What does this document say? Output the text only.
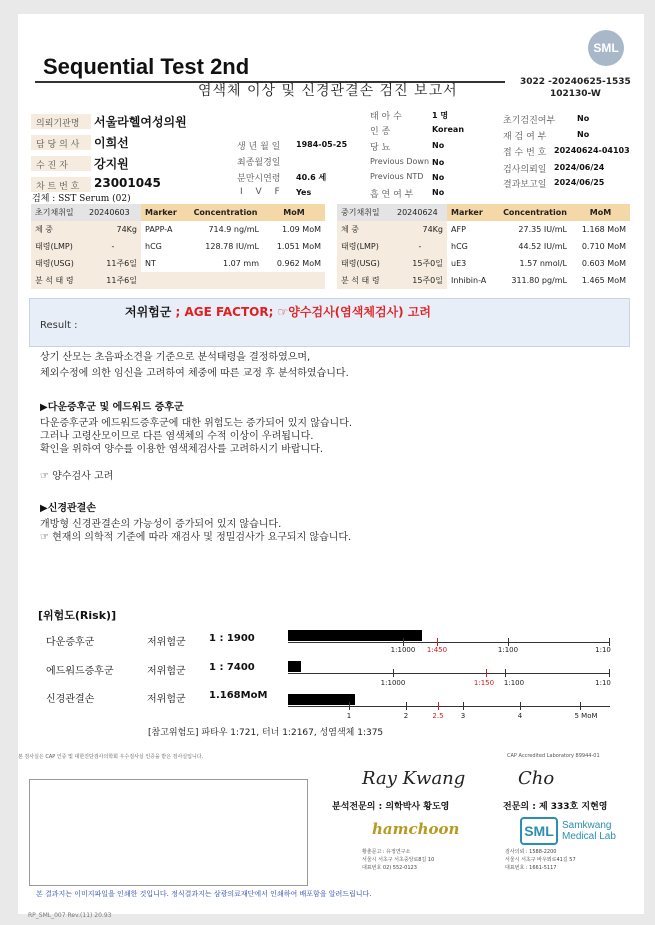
SML
Sequential Test 2nd
염색체 이상 및 신경관결손 검진 보고서
3022 -20240625-1535
102130-W
의뢰기관명 서울라헬여성의원
담 당 의 사 이희선
수 진 자 강지원
차 트 번 호 23001045
검체 : SST Serum (02)
생 년 월 일 1984-05-25
최종월경일
분만시연령 40.6 세
I V F Yes
태 아 수	1 명
인 종	Korean
당 뇨	No
Previous Down No
Previous NTD No
흡 연 여 부 No
초기검진여부	No
재 검 여 부	No
접 수 번 호 20240624-04103
검사의뢰일 2024/06/24
결과보고일 2024/06/25
초기채취일	20240603	Marker	Concentration	MoM
체 중	74Kg	PAPP-A	714.9 ng/mL	1.09 MoM
태령(LMP)	-	hCG	128.78 IU/mL	1.051 MoM
태령(USG)	11주6일	NT	1.07 mm	0.962 MoM
분 석 태 령	11주6일
중기채취일	20240624	Marker	Concentration	MoM
체 중	74Kg	AFP	27.35 IU/mL	1.168 MoM
태령(LMP)	-	hCG	44.52 IU/mL	0.710 MoM
태령(USG)	15주0일	uE3	1.57 nmol/L	0.603 MoM
분 석 태 령	15주0일	Inhibin-A	311.80 pg/mL	1.465 MoM
Result :
저위험군 ; AGE FACTOR; ☞양수검사(염색체검사) 고려
상기 산모는 초음파소견을 기준으로 분석태령을 결정하였으며,
체외수정에 의한 임신을 고려하여 체중에 따른 교정 후 분석하였습니다.
▶다운증후군 및 에드워드 증후군
다운증후군과 에드워드증후군에 대한 위험도는 증가되어 있지 않습니다.
그러나 고령산모이므로 다른 염색체의 수적 이상이 우려됩니다.
확인을 위하여 양수를 이용한 염색체검사를 고려하시기 바랍니다.
☞ 양수검사 고려
▶신경관결손
개방형 신경관결손의 가능성이 증가되어 있지 않습니다.
☞ 현재의 의학적 기준에 따라 재검사 및 정밀검사가 요구되지 않습니다.
[위험도(Risk)]
다운증후군	저위험군 1 : 1900
1:1000 1:450	1:100	1:10
에드워드증후군	저위험군 1 : 7400
1:1000	1:150 1:100	1:10
신경관결손	저위험군 1.168MoM
1	2	2.5 3	4	5 MoM
[참고위험도] 파타우 1:721, 터너 1:2167, 성염색체 1:375
본 검사실은 CAP 인증 및 대한진단검사의학회 우수검사실 인증을 받은 검사실입니다.	CAP Accredited Laboratory 89944-01
Ray Kwang
분석전문의 : 의학박사 황도영
hamchoon
황춘문고 : 유정연구소
서울시 서초구 서초중앙로8길 10
대표번호 02) 552-0123
Cho
전문의 : 제 333호 지현영
SML Samkwang
Medical Lab
검사의뢰 : 1588-2200
서울시 서초구 바우뫼로41길 57
대표번호 : 1661-5117
본 결과지는 이미지파일을 인쇄한 것입니다. 정식결과지는 삼광의료재단에서 인쇄하여 배포함을 알려드립니다.
RP_SML_007 Rev.(11) 20.93
